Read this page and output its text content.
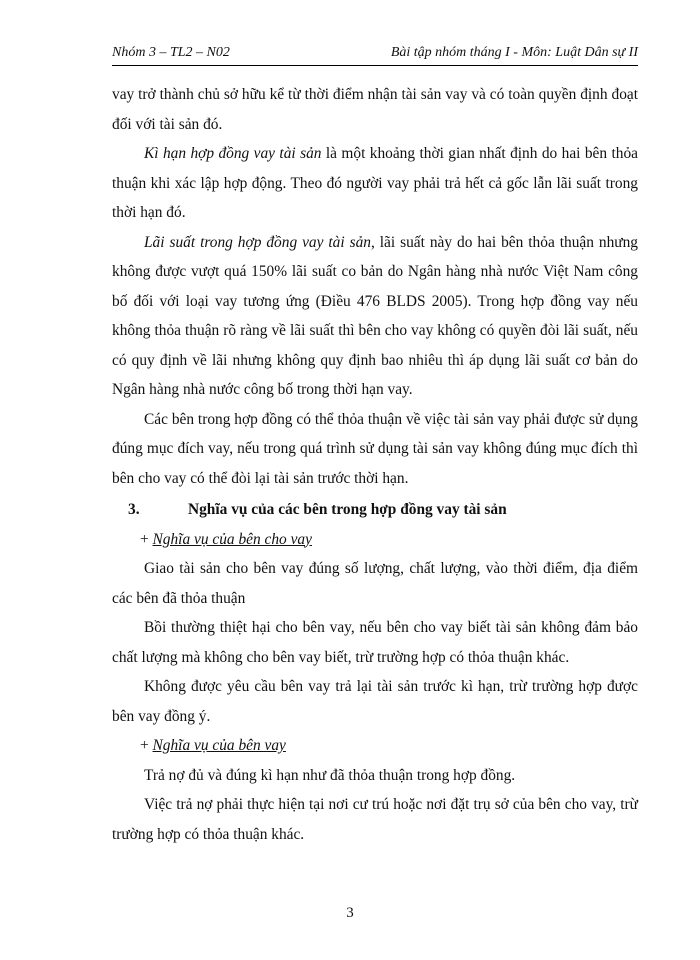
Nhóm 3 – TL2 – N02	Bài tập nhóm tháng I - Môn: Luật Dân sự II

vay trở thành chủ sở hữu kể từ thời điểm nhận tài sản vay và có toàn quyền định đoạt đối với tài sản đó.

Kì hạn hợp đồng vay tài sản là một khoảng thời gian nhất định do hai bên thỏa thuận khi xác lập hợp động. Theo đó người vay phải trả hết cả gốc lẫn lãi suất trong thời hạn đó.

Lãi suất trong hợp đồng vay tài sản, lãi suất này do hai bên thỏa thuận nhưng không được vượt quá 150% lãi suất co bản do Ngân hàng nhà nước Việt Nam công bố đối với loại vay tương ứng (Điều 476 BLDS 2005). Trong hợp đồng vay nếu không thỏa thuận rõ ràng về lãi suất thì bên cho vay không có quyền đòi lãi suất, nếu có quy định về lãi nhưng không quy định bao nhiêu thì áp dụng lãi suất cơ bản do Ngân hàng nhà nước công bố trong thời hạn vay.

Các bên trong hợp đồng có thể thỏa thuận về việc tài sản vay phải được sử dụng đúng mục đích vay, nếu trong quá trình sử dụng tài sản vay không đúng mục đích thì bên cho vay có thể đòi lại tài sản trước thời hạn.

3.	Nghĩa vụ của các bên trong hợp đồng vay tài sản

+ Nghĩa vụ của bên cho vay

Giao tài sản cho bên vay đúng số lượng, chất lượng, vào thời điểm, địa điểm các bên đã thỏa thuận

Bồi thường thiệt hại cho bên vay, nếu bên cho vay biết tài sản không đảm bảo chất lượng mà không cho bên vay biết, trừ trường hợp có thỏa thuận khác.

Không được yêu cầu bên vay trả lại tài sản trước kì hạn, trừ trường hợp được bên vay đồng ý.

+ Nghĩa vụ của bên vay

Trả nợ đủ và đúng kì hạn như đã thỏa thuận trong hợp đồng.

Việc trả nợ phải thực hiện tại nơi cư trú hoặc nơi đặt trụ sở của bên cho vay, trừ trường hợp có thỏa thuận khác.

3
